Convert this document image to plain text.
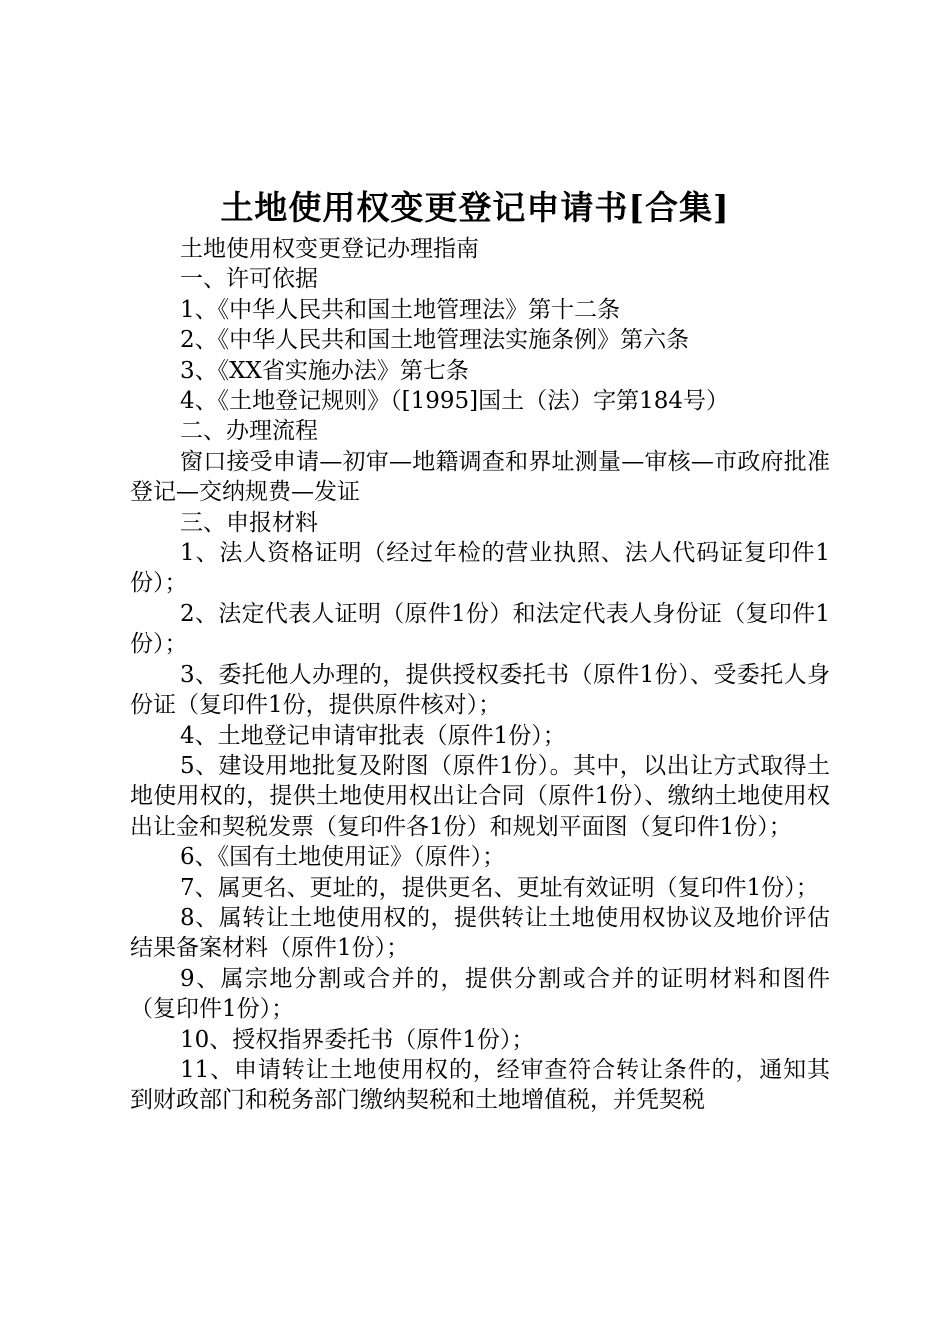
土地使用权变更登记申请书[合集]

土地使用权变更登记办理指南

一、许可依据

1、《中华人民共和国土地管理法》第十二条

2、《中华人民共和国土地管理法实施条例》第六条

3、《XX省实施办法》第七条

4、《土地登记规则》（[1995]国土（法）字第184号）

二、办理流程

窗口接受申请—初审—地籍调查和界址测量—审核—市政府批准登记—交纳规费—发证

三、申报材料

1、法人资格证明（经过年检的营业执照、法人代码证复印件1份）；

2、法定代表人证明（原件1份）和法定代表人身份证（复印件1份）；

3、委托他人办理的，提供授权委托书（原件1份）、受委托人身份证（复印件1份，提供原件核对）；

4、土地登记申请审批表（原件1份）；

5、建设用地批复及附图（原件1份）。其中，以出让方式取得土地使用权的，提供土地使用权出让合同（原件1份）、缴纳土地使用权出让金和契税发票（复印件各1份）和规划平面图（复印件1份）；

6、《国有土地使用证》（原件）；

7、属更名、更址的，提供更名、更址有效证明（复印件1份）；

8、属转让土地使用权的，提供转让土地使用权协议及地价评估结果备案材料（原件1份）；

9、属宗地分割或合并的，提供分割或合并的证明材料和图件（复印件1份）；

10、授权指界委托书（原件1份）；

11、申请转让土地使用权的，经审查符合转让条件的，通知其到财政部门和税务部门缴纳契税和土地增值税，并凭契税
